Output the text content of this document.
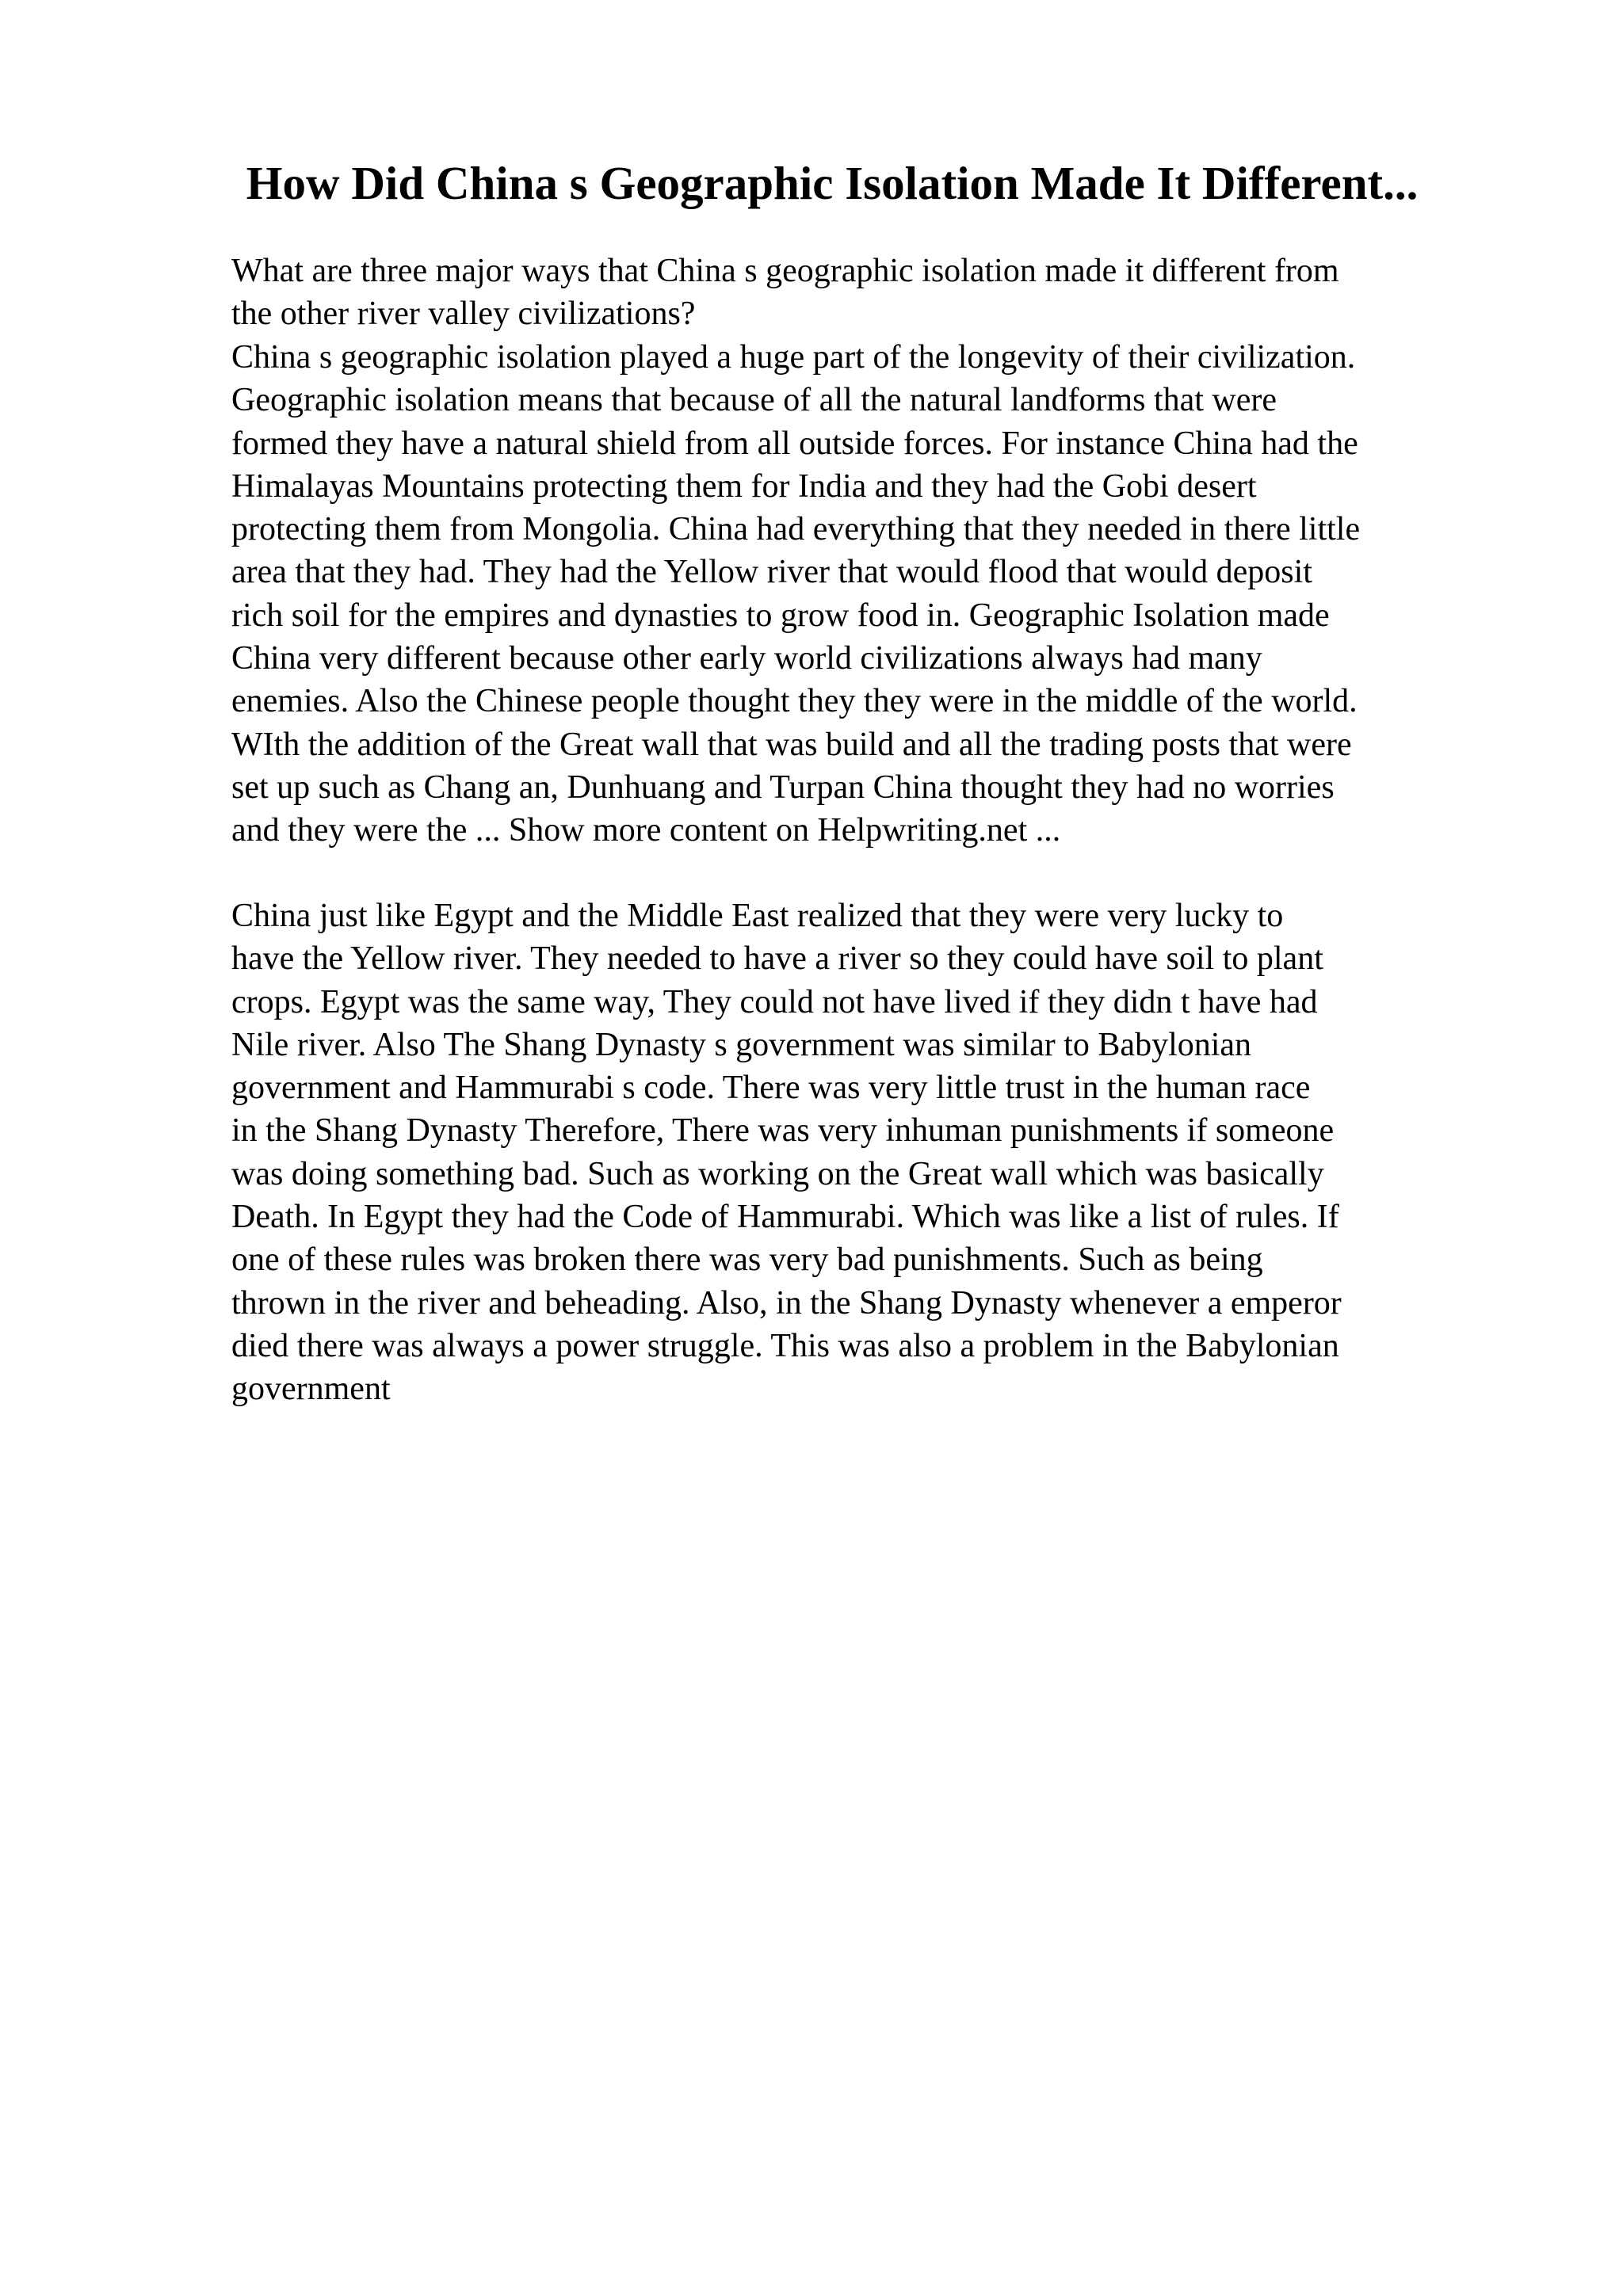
How Did China s Geographic Isolation Made It Different...
What are three major ways that China s geographic isolation made it different from
the other river valley civilizations?
China s geographic isolation played a huge part of the longevity of their civilization.
Geographic isolation means that because of all the natural landforms that were
formed they have a natural shield from all outside forces. For instance China had the
Himalayas Mountains protecting them for India and they had the Gobi desert
protecting them from Mongolia. China had everything that they needed in there little
area that they had. They had the Yellow river that would flood that would deposit
rich soil for the empires and dynasties to grow food in. Geographic Isolation made
China very different because other early world civilizations always had many
enemies. Also the Chinese people thought they they were in the middle of the world.
WIth the addition of the Great wall that was build and all the trading posts that were
set up such as Chang an, Dunhuang and Turpan China thought they had no worries
and they were the ... Show more content on Helpwriting.net ...
China just like Egypt and the Middle East realized that they were very lucky to
have the Yellow river. They needed to have a river so they could have soil to plant
crops. Egypt was the same way, They could not have lived if they didn t have had
Nile river. Also The Shang Dynasty s government was similar to Babylonian
government and Hammurabi s code. There was very little trust in the human race
in the Shang Dynasty Therefore, There was very inhuman punishments if someone
was doing something bad. Such as working on the Great wall which was basically
Death. In Egypt they had the Code of Hammurabi. Which was like a list of rules. If
one of these rules was broken there was very bad punishments. Such as being
thrown in the river and beheading. Also, in the Shang Dynasty whenever a emperor
died there was always a power struggle. This was also a problem in the Babylonian
government
